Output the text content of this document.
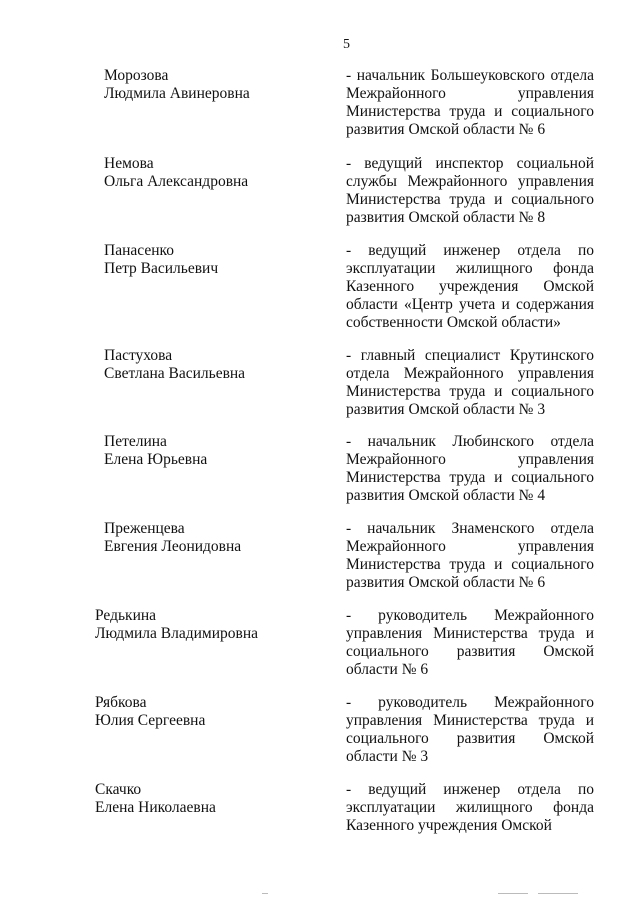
5
Морозова
Людмила Авинеровна
- начальник Большеуковского отдела
Межрайонного управления
Министерства труда и социального
развития Омской области № 6
Немова
Ольга Александровна
- ведущий инспектор социальной
службы Межрайонного управления
Министерства труда и социального
развития Омской области № 8
Панасенко
Петр Васильевич
- ведущий инженер отдела по
эксплуатации жилищного фонда
Казенного учреждения Омской
области «Центр учета и содержания
собственности Омской области»
Пастухова
Светлана Васильевна
- главный специалист Крутинского
отдела Межрайонного управления
Министерства труда и социального
развития Омской области № 3
Петелина
Елена Юрьевна
- начальник Любинского отдела
Межрайонного управления
Министерства труда и социального
развития Омской области № 4
Преженцева
Евгения Леонидовна
- начальник Знаменского отдела
Межрайонного управления
Министерства труда и социального
развития Омской области № 6
Редькина
Людмила Владимировна
- руководитель Межрайонного
управления Министерства труда и
социального развития Омской
области № 6
Рябкова
Юлия Сергеевна
- руководитель Межрайонного
управления Министерства труда и
социального развития Омской
области № 3
Скачко
Елена Николаевна
- ведущий инженер отдела по
эксплуатации жилищного фонда
Казенного учреждения Омской
